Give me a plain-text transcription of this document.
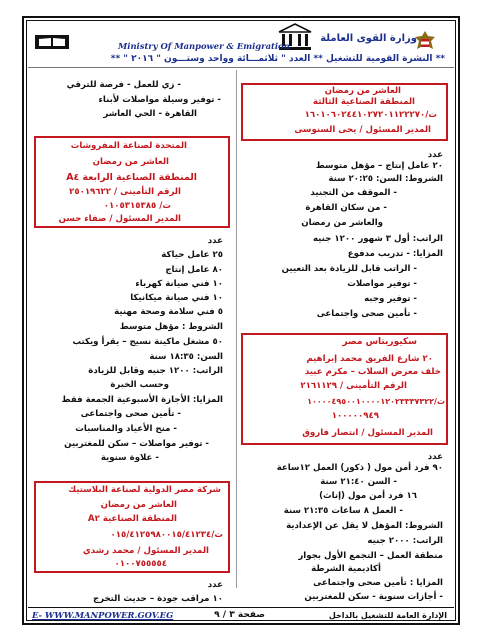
وزارة القوى العاملة
Ministry Of Manpower & Emigration
** النشرة القومية للتشغيل ** العدد " ثلاثمـــائة وواحد وستـــون " ٢٠١٦ " **
العاشر من رمضان
المنطقة الصناعية الثالثة
ت/١٦٠١٠٦٠٢٤٤١٠٢٧٢٠١١٢٢٢٧٠
المدير المسئول / يحى السنوسى
عدد
٢٠ عامل إنتاج – مؤهل متوسط
الشروط: السن: ٢٠:٢٥ سنة
- الموقف من التجنيد
- من سكان القاهرة
والعاشر من رمضان
الراتب: أول ٣ شهور ١٢٠٠ جنيه
المزايا: - تدريب مدفوع
- الراتب قابل للزيادة بعد التعيين
- توفير مواصلات
- توفير وجبه
- تأمين صحى واجتماعى
سكيوريتاس مصر
٢٠ شارع الفريق محمد إبراهيم
خلف معرض السلاب – مكرم عبيد
الرقم التأمينى / ٢١٦١١٢٩
ت/١٠٠٠٠٤٩٥٠٠١٠٠٠٠١٢٠٢٣٣٣٧٣٢٢
١٠٠٠٠٠٩٤٩
المدير المسئول / انتصار فاروق
عدد
٩٠ فرد أمن مول ( ذكور) العمل ١٢ساعة
- السن ٢١:٤٠ سنة
١٦ فرد أمن مول (إناث)
- العمل ٨ ساعات ٢١:٣٥ سنة
الشروط: المؤهل لا يقل عن الإعدادية
الراتب: ٢٠٠٠ جنيه
منطقة العمل – التجمع الأول بجوار
أكاديمية الشرطة
المزايا : تأمين صحى واجتماعى
- أجازات سنوية - سكن للمغتربين
- زي للعمل - فرصة للترقي
- توفير وسيلة مواصلات لأبناء
القاهرة - الحي العاشر
المتحدة لصناعة المفروشات
العاشر من رمضان
المنطقة الصناعية الرابعة A٤
الرقم التأمينى / ٢٥٠١٩٦٢٢
ت/ ٠١٠٥٣١٥٣٨٥
المدير المسئول / صفاء حسن
عدد
٢٥ عامل حياكة
٨٠ عامل إنتاج
١٠ فني صيانة كهرباء
١٠ فني صيانة ميكانيكا
٥ فني سلامة وصحة مهنية
الشروط : مؤهل متوسط
٥٠ مشغل ماكينة نسيج – يقرأ ويكتب
السن: ١٨:٣٥ سنة
الراتب: ١٢٠٠ جنيه وقابل للزيادة
وحسب الخبرة
المزايا: الأجازة الأسبوعية الجمعة فقط
- تأمين صحى واجتماعى
- منح الأعياد والمناسبات
- توفير مواصلات – سكن للمغتربين
- علاوة سنوية
شركة مصر الدولية لصناعة البلاستيك
العاشر من رمضان
المنطقة الصناعية A٢
ت/٠١٥/٤١٢٥٩٨٠٠١٥/٤١٢٣٤
المدير المسئول / محمد رشدي
٠١٠٠٧٥٥٥٥٤
عدد
١٠ مراقب جودة – حديث التخرج
الإدارة العامة للتشغيل بالداخل
صفحة ٣ / ٩
E- WWW.MANPOWER.GOV.EG
